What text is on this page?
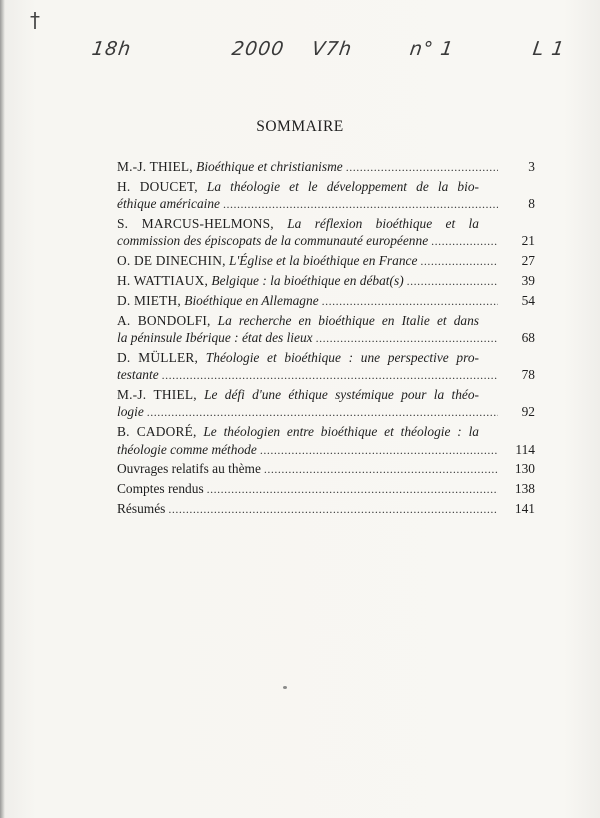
†
18h	2000 V7h	n° 1	L 1
SOMMAIRE
M.-J. THIEL, Bioéthique et christianisme .....	3
H. DOUCET, La théologie et le développement de la bio-
éthique américaine .....	8
S. MARCUS-HELMONS, La réflexion bioéthique et la
commission des épiscopats de la communauté européenne .....	21
O. DE DINECHIN, L'Église et la bioéthique en France .....	27
H. WATTIAUX, Belgique : la bioéthique en débat(s) .....	39
D. MIETH, Bioéthique en Allemagne .....	54
A. BONDOLFI, La recherche en bioéthique en Italie et dans
la péninsule Ibérique : état des lieux .....	68
D. MÜLLER, Théologie et bioéthique : une perspective pro-
testante .....	78
M.-J. THIEL, Le défi d'une éthique systémique pour la théo-
logie .....	92
B. CADORÉ, Le théologien entre bioéthique et théologie : la
théologie comme méthode .....	114
Ouvrages relatifs au thème .....	130
Comptes rendus .....	138
Résumés .....	141
